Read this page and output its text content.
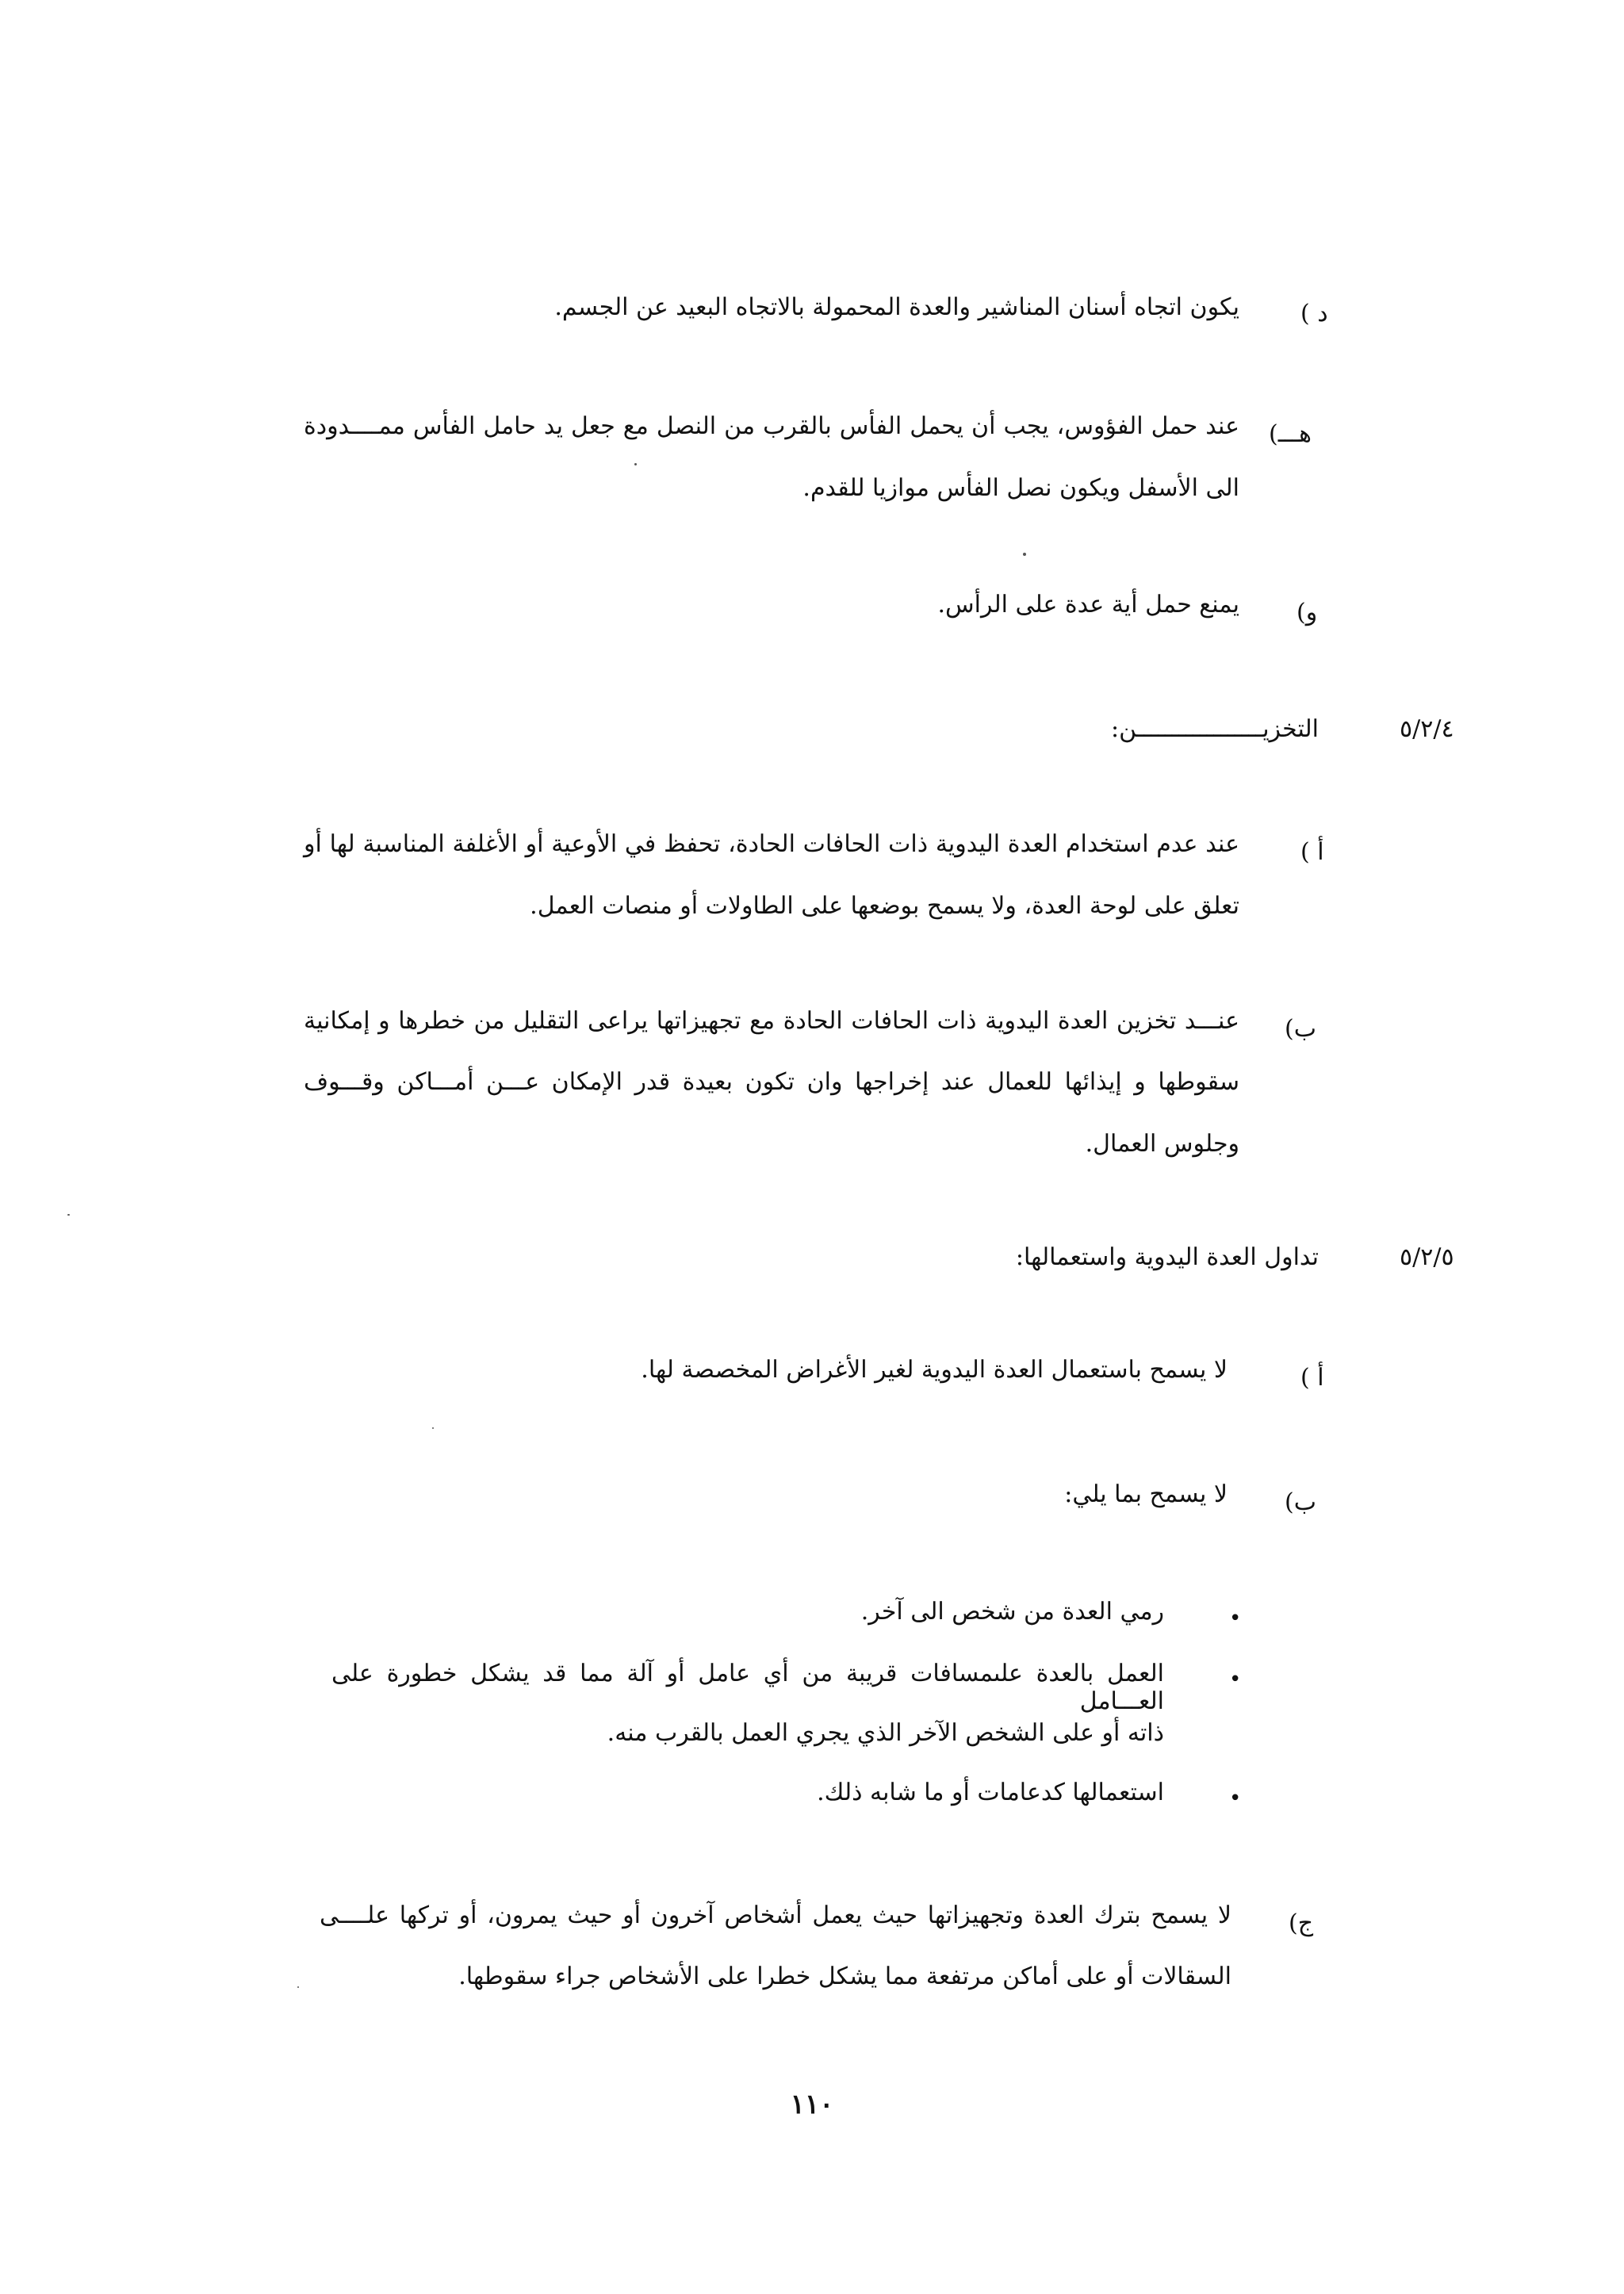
د )
يكون اتجاه أسنان المناشير والعدة المحمولة بالاتجاه البعيد عن الجسم.
هـــ)
عند حمل الفؤوس، يجب أن يحمل الفأس بالقرب من النصل مع جعل يد حامل الفأس ممــــدودة
الى الأسفل ويكون نصل الفأس موازيا للقدم.
و)
يمنع حمل أية عدة على الرأس.
٥/٢/٤
التخزيــــــــــــــــــن:
أ )
عند عدم استخدام العدة اليدوية ذات الحافات الحادة، تحفظ في الأوعية أو الأغلفة المناسبة لها أو
تعلق على لوحة العدة، ولا يسمح بوضعها على الطاولات أو منصات العمل.
ب)
عنـــد تخزين العدة اليدوية ذات الحافات الحادة مع تجهيزاتها يراعى التقليل من خطرها و إمكانية
سقوطها و إيذائها للعمال عند إخراجها وان تكون بعيدة قدر الإمكان عـــن أمـــاكن وقـــوف
وجلوس العمال.
٥/٢/٥
تداول العدة اليدوية واستعمالها:
أ )
لا يسمح باستعمال العدة اليدوية لغير الأغراض المخصصة لها.
ب)
لا يسمح بما يلي:
•
رمي العدة من شخص الى آخر.
•
العمل بالعدة علىمسافات قريبة من أي عامل أو آلة مما قد يشكل خطورة على العـــامل
ذاته أو على الشخص الآخر الذي يجري العمل بالقرب منه.
•
استعمالها كدعامات أو ما شابه ذلك.
ج)
لا يسمح بترك العدة وتجهيزاتها حيث يعمل أشخاص آخرون أو حيث يمرون، أو تركها علــــى
السقالات أو على أماكن مرتفعة مما يشكل خطرا على الأشخاص جراء سقوطها.
١١٠
